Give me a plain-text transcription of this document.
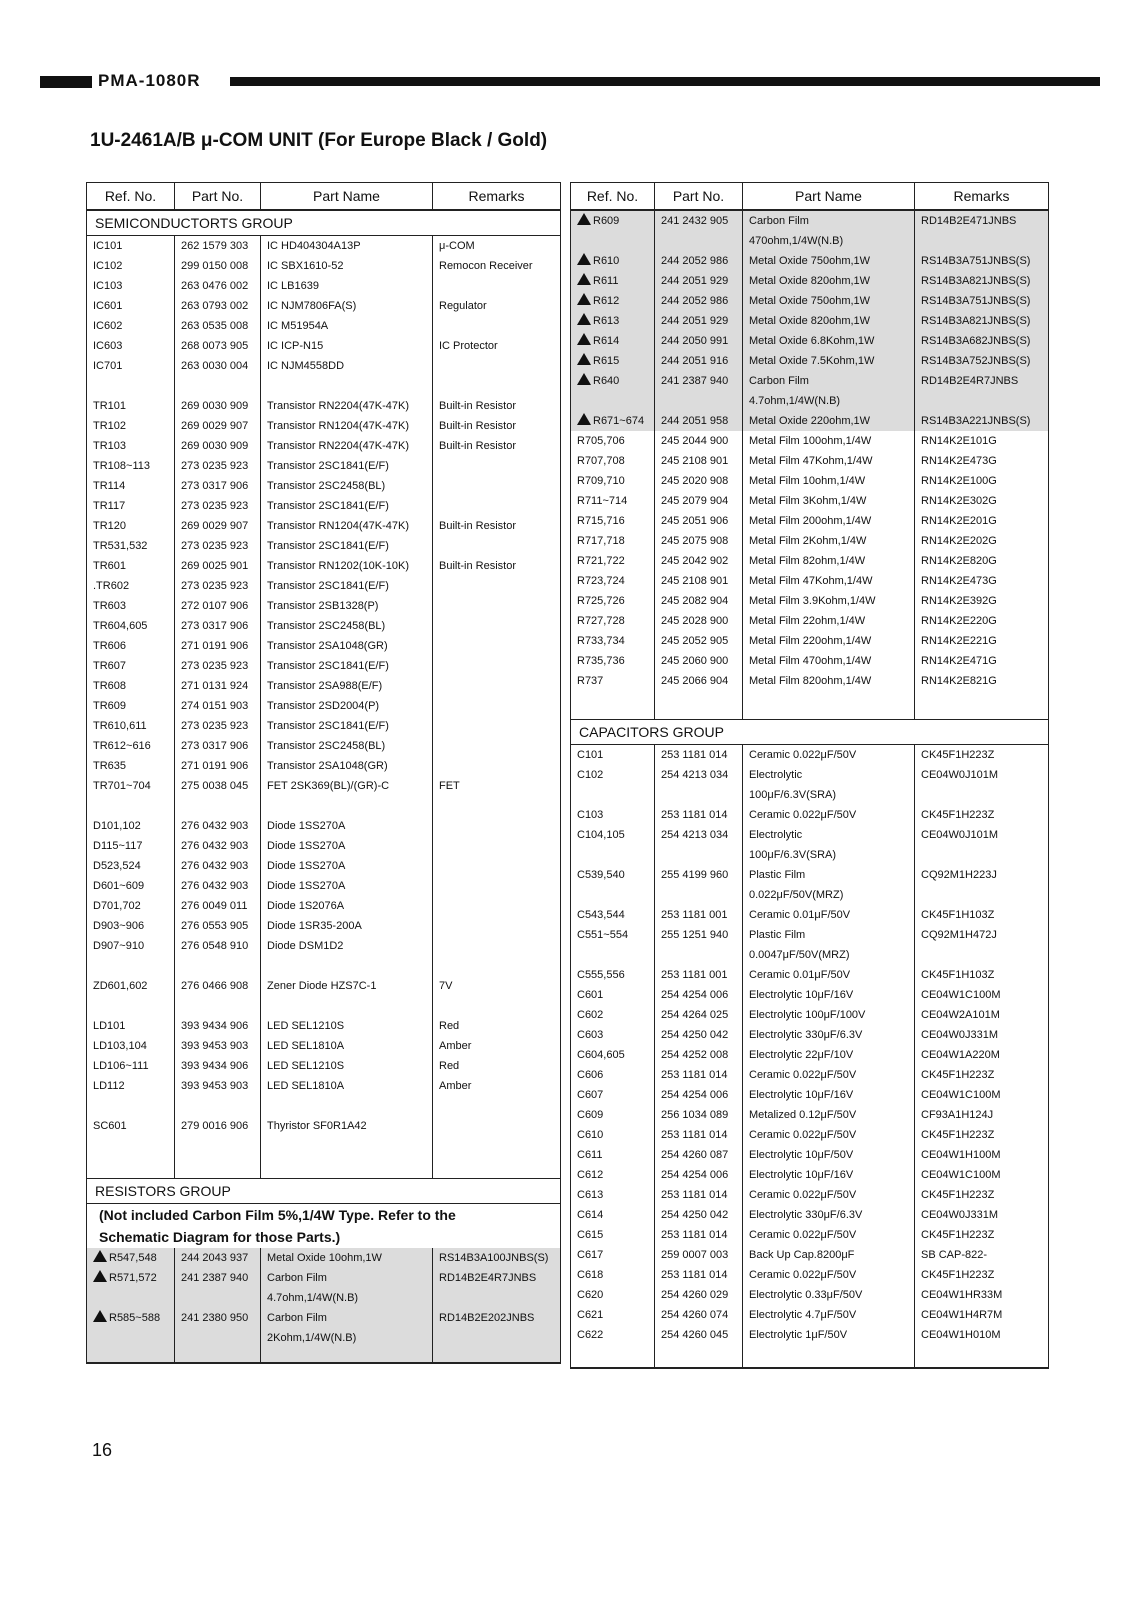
PMA-1080R
1U-2461A/B μ-COM UNIT (For Europe Black / Gold)
Ref. No.	Part No.	Part Name	Remarks
SEMICONDUCTORTS GROUP			
IC101	262 1579 303	IC HD404304A13P	μ-COM
IC102	299 0150 008	IC SBX1610-52	Remocon Receiver
IC103	263 0476 002	IC LB1639	
IC601	263 0793 002	IC NJM7806FA(S)	Regulator
IC602	263 0535 008	IC M51954A	
IC603	268 0073 905	IC ICP-N15	IC Protector
IC701	263 0030 004	IC NJM4558DD	

TR101	269 0030 909	Transistor RN2204(47K-47K)	Built-in Resistor
TR102	269 0029 907	Transistor RN1204(47K-47K)	Built-in Resistor
TR103	269 0030 909	Transistor RN2204(47K-47K)	Built-in Resistor
TR108~113	273 0235 923	Transistor 2SC1841(E/F)	
TR114	273 0317 906	Transistor 2SC2458(BL)	
TR117	273 0235 923	Transistor 2SC1841(E/F)	
TR120	269 0029 907	Transistor RN1204(47K-47K)	Built-in Resistor
TR531,532	273 0235 923	Transistor 2SC1841(E/F)	
TR601	269 0025 901	Transistor RN1202(10K-10K)	Built-in Resistor
.TR602	273 0235 923	Transistor 2SC1841(E/F)	
TR603	272 0107 906	Transistor 2SB1328(P)	
TR604,605	273 0317 906	Transistor 2SC2458(BL)	
TR606	271 0191 906	Transistor 2SA1048(GR)	
TR607	273 0235 923	Transistor 2SC1841(E/F)	
TR608	271 0131 924	Transistor 2SA988(E/F)	
TR609	274 0151 903	Transistor 2SD2004(P)	
TR610,611	273 0235 923	Transistor 2SC1841(E/F)	
TR612~616	273 0317 906	Transistor 2SC2458(BL)	
TR635	271 0191 906	Transistor 2SA1048(GR)	
TR701~704	275 0038 045	FET 2SK369(BL)/(GR)-C	FET

D101,102	276 0432 903	Diode 1SS270A	
D115~117	276 0432 903	Diode 1SS270A	
D523,524	276 0432 903	Diode 1SS270A	
D601~609	276 0432 903	Diode 1SS270A	
D701,702	276 0049 011	Diode 1S2076A	
D903~906	276 0553 905	Diode 1SR35-200A	
D907~910	276 0548 910	Diode DSM1D2	

ZD601,602	276 0466 908	Zener Diode HZS7C-1	7V

LD101	393 9434 906	LED SEL1210S	Red
LD103,104	393 9453 903	LED SEL1810A	Amber
LD106~111	393 9434 906	LED SEL1210S	Red
LD112	393 9453 903	LED SEL1810A	Amber

SC601	279 0016 906	Thyristor SF0R1A42	

RESISTORS GROUP			
(Not included Carbon Film 5%,1/4W Type. Refer to the			
Schematic Diagram for those Parts.)			
R547,548	244 2043 937	Metal Oxide 10ohm,1W	RS14B3A100JNBS(S)
R571,572	241 2387 940	Carbon Film	RD14B2E4R7JNBS
		4.7ohm,1/4W(N.B)	
R585~588	241 2380 950	Carbon Film	RD14B2E202JNBS
		2Kohm,1/4W(N.B)	

Ref. No.	Part No.	Part Name	Remarks
R609	241 2432 905	Carbon Film	RD14B2E471JNBS
		470ohm,1/4W(N.B)	
R610	244 2052 986	Metal Oxide 750ohm,1W	RS14B3A751JNBS(S)
R611	244 2051 929	Metal Oxide 820ohm,1W	RS14B3A821JNBS(S)
R612	244 2052 986	Metal Oxide 750ohm,1W	RS14B3A751JNBS(S)
R613	244 2051 929	Metal Oxide 820ohm,1W	RS14B3A821JNBS(S)
R614	244 2050 991	Metal Oxide 6.8Kohm,1W	RS14B3A682JNBS(S)
R615	244 2051 916	Metal Oxide 7.5Kohm,1W	RS14B3A752JNBS(S)
R640	241 2387 940	Carbon Film	RD14B2E4R7JNBS
		4.7ohm,1/4W(N.B)	
R671~674	244 2051 958	Metal Oxide 220ohm,1W	RS14B3A221JNBS(S)
R705,706	245 2044 900	Metal Film 100ohm,1/4W	RN14K2E101G
R707,708	245 2108 901	Metal Film 47Kohm,1/4W	RN14K2E473G
R709,710	245 2020 908	Metal Film 10ohm,1/4W	RN14K2E100G
R711~714	245 2079 904	Metal Film 3Kohm,1/4W	RN14K2E302G
R715,716	245 2051 906	Metal Film 200ohm,1/4W	RN14K2E201G
R717,718	245 2075 908	Metal Film 2Kohm,1/4W	RN14K2E202G
R721,722	245 2042 902	Metal Film 82ohm,1/4W	RN14K2E820G
R723,724	245 2108 901	Metal Film 47Kohm,1/4W	RN14K2E473G
R725,726	245 2082 904	Metal Film 3.9Kohm,1/4W	RN14K2E392G
R727,728	245 2028 900	Metal Film 22ohm,1/4W	RN14K2E220G
R733,734	245 2052 905	Metal Film 220ohm,1/4W	RN14K2E221G
R735,736	245 2060 900	Metal Film 470ohm,1/4W	RN14K2E471G
R737	245 2066 904	Metal Film 820ohm,1/4W	RN14K2E821G

CAPACITORS GROUP			
C101	253 1181 014	Ceramic 0.022μF/50V	CK45F1H223Z
C102	254 4213 034	Electrolytic	CE04W0J101M
		100μF/6.3V(SRA)	
C103	253 1181 014	Ceramic 0.022μF/50V	CK45F1H223Z
C104,105	254 4213 034	Electrolytic	CE04W0J101M
		100μF/6.3V(SRA)	
C539,540	255 4199 960	Plastic Film	CQ92M1H223J
		0.022μF/50V(MRZ)	
C543,544	253 1181 001	Ceramic 0.01μF/50V	CK45F1H103Z
C551~554	255 1251 940	Plastic Film	CQ92M1H472J
		0.0047μF/50V(MRZ)	
C555,556	253 1181 001	Ceramic 0.01μF/50V	CK45F1H103Z
C601	254 4254 006	Electrolytic 10μF/16V	CE04W1C100M
C602	254 4264 025	Electrolytic 100μF/100V	CE04W2A101M
C603	254 4250 042	Electrolytic 330μF/6.3V	CE04W0J331M
C604,605	254 4252 008	Electrolytic 22μF/10V	CE04W1A220M
C606	253 1181 014	Ceramic 0.022μF/50V	CK45F1H223Z
C607	254 4254 006	Electrolytic 10μF/16V	CE04W1C100M
C609	256 1034 089	Metalized 0.12μF/50V	CF93A1H124J
C610	253 1181 014	Ceramic 0.022μF/50V	CK45F1H223Z
C611	254 4260 087	Electrolytic 10μF/50V	CE04W1H100M
C612	254 4254 006	Electrolytic 10μF/16V	CE04W1C100M
C613	253 1181 014	Ceramic 0.022μF/50V	CK45F1H223Z
C614	254 4250 042	Electrolytic 330μF/6.3V	CE04W0J331M
C615	253 1181 014	Ceramic 0.022μF/50V	CK45F1H223Z
C617	259 0007 003	Back Up Cap.8200μF	SB CAP-822-
C618	253 1181 014	Ceramic 0.022μF/50V	CK45F1H223Z
C620	254 4260 029	Electrolytic 0.33μF/50V	CE04W1HR33M
C621	254 4260 074	Electrolytic 4.7μF/50V	CE04W1H4R7M
C622	254 4260 045	Electrolytic 1μF/50V	CE04W1H010M

16
